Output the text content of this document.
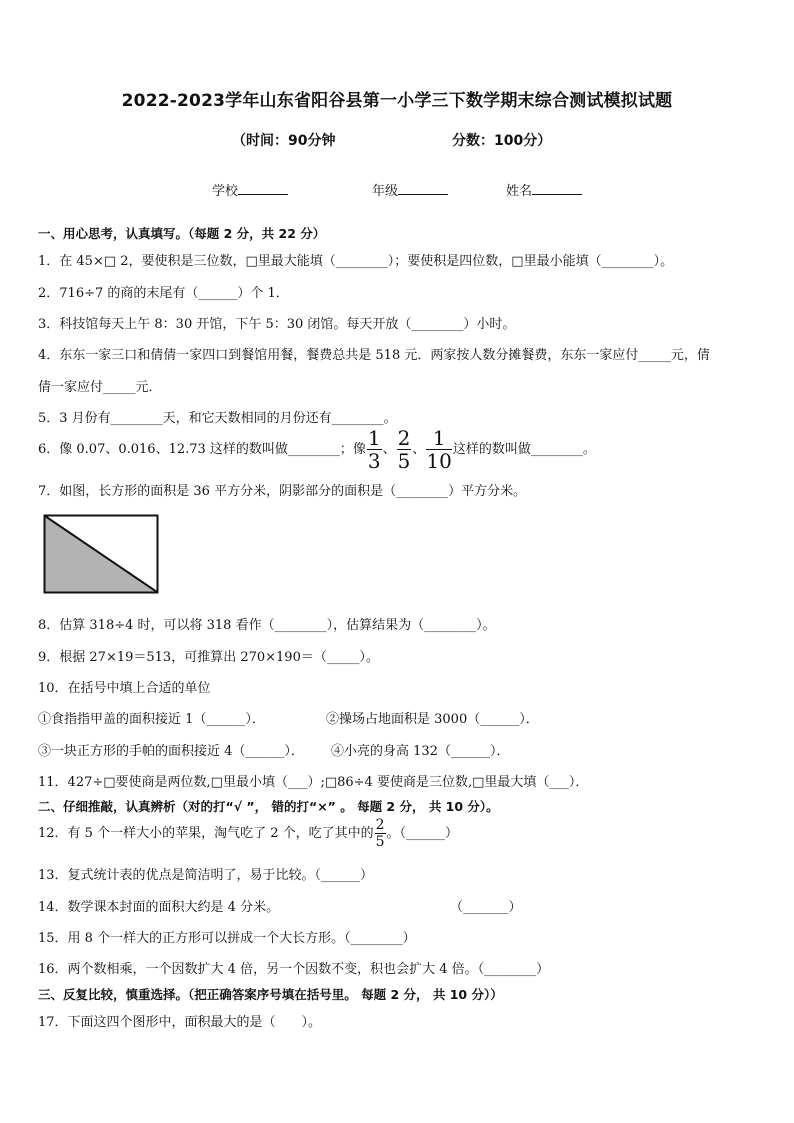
2022-2023学年山东省阳谷县第一小学三下数学期末综合测试模拟试题
（时间：90分钟	分数：100分）
学校	年级	姓名
一、用心思考，认真填写。（每题 2 分，共 22 分）
1．在 45×□ 2，要使积是三位数，□里最大能填（________）；要使积是四位数，□里最小能填（________）。
2．716÷7 的商的末尾有（______）个 1．
3．科技馆每天上午 8：30 开馆，下午 5：30 闭馆。每天开放（________）小时。
4．东东一家三口和倩倩一家四口到餐馆用餐，餐费总共是 518 元．两家按人数分摊餐费，东东一家应付_____元，倩
倩一家应付_____元．
5．3 月份有________天，和它天数相同的月份还有________。
6．像 0.07、0.016、12.73 这样的数叫做________；像 $\frac{1}{3}$ 、 $\frac{2}{5}$ 、 $\frac{1}{10}$ 这样的数叫做________。
7．如图，长方形的面积是 36 平方分米，阴影部分的面积是（________）平方分米。
8．估算 318÷4 时，可以将 318 看作（________），估算结果为（________）。
9．根据 27×19＝513，可推算出 270×190＝（_____）。
10．在括号中填上合适的单位
①食指指甲盖的面积接近 1（______）．	②操场占地面积是 3000（______）．
③一块正方形的手帕的面积接近 4（______）． ④小亮的身高 132（______）．
11．427÷□要使商是两位数,□里最小填（___）;□86÷4 要使商是三位数,□里最大填（___）．
二、仔细推敲，认真辨析（对的打“√ ”， 错的打“×” 。 每题 2 分， 共 10 分）。
12．有 5 个一样大小的苹果，淘气吃了 2 个，吃了其中的 $\frac{2}{5}$ 。（______）
13．复式统计表的优点是简洁明了，易于比较。（______）
14．数学课本封面的面积大约是 4 分米。	（_______）
15．用 8 个一样大的正方形可以拼成一个大长方形。（________）
16．两个数相乘，一个因数扩大 4 倍，另一个因数不变，积也会扩大 4 倍。（________）
三、反复比较，慎重选择。（把正确答案序号填在括号里。 每题 2 分， 共 10 分））
17．下面这四个图形中，面积最大的是（　　）。
